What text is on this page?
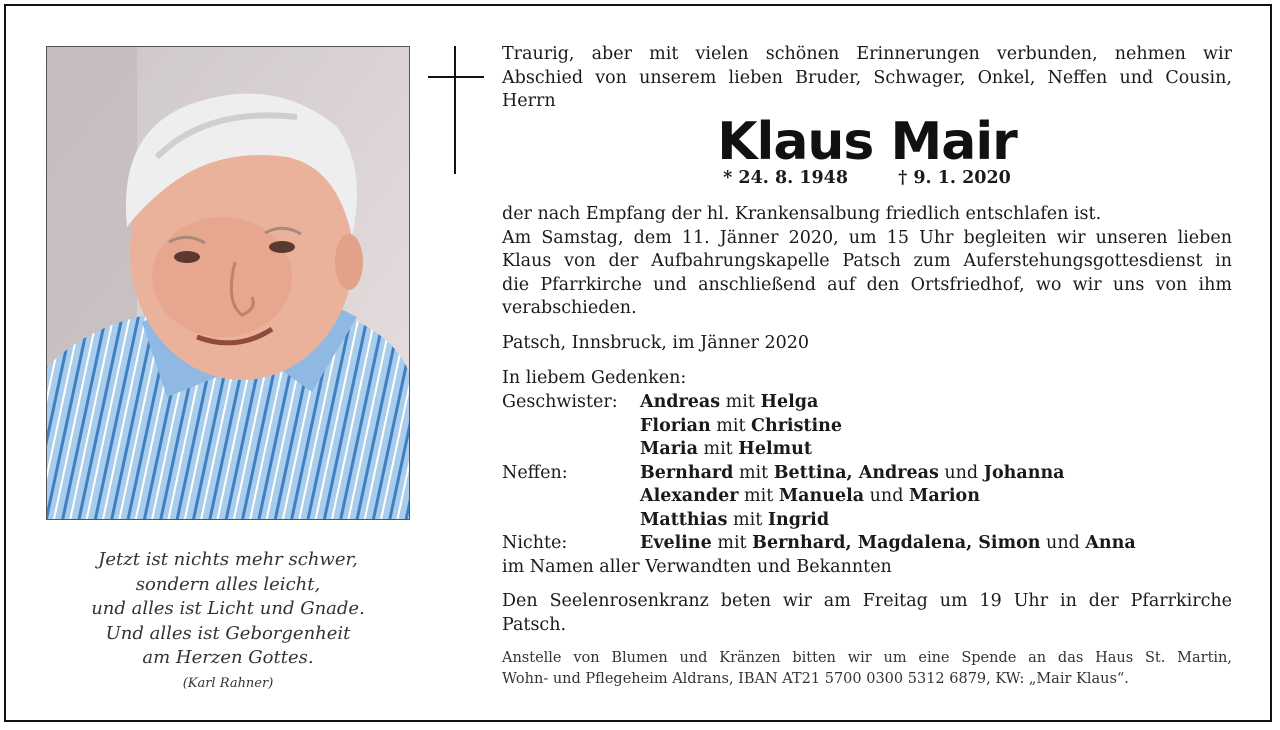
Jetzt ist nichts mehr schwer,
sondern alles leicht,
und alles ist Licht und Gnade.
Und alles ist Geborgenheit
am Herzen Gottes.
(Karl Rahner)
Traurig, aber mit vielen schönen Erinnerungen verbunden, nehmen wir
Abschied von unserem lieben Bruder, Schwager, Onkel, Neffen und Cousin,
Herrn
Klaus Mair
* 24. 8. 1948	† 9. 1. 2020
der nach Empfang der hl. Krankensalbung friedlich entschlafen ist.
Am Samstag, dem 11. Jänner 2020, um 15 Uhr begleiten wir unseren lieben
Klaus von der Aufbahrungskapelle Patsch zum Auferstehungsgottesdienst in
die Pfarrkirche und anschließend auf den Ortsfriedhof, wo wir uns von ihm
verabschieden.
Patsch, Innsbruck, im Jänner 2020
In liebem Gedenken:
Geschwister:	Andreas mit Helga
Florian mit Christine
Maria mit Helmut
Neffen:	Bernhard mit Bettina, Andreas und Johanna
Alexander mit Manuela und Marion
Matthias mit Ingrid
Nichte:	Eveline mit Bernhard, Magdalena, Simon und Anna
im Namen aller Verwandten und Bekannten
Den Seelenrosenkranz beten wir am Freitag um 19 Uhr in der Pfarrkirche
Patsch.
Anstelle von Blumen und Kränzen bitten wir um eine Spende an das Haus St. Martin,
Wohn- und Pflegeheim Aldrans, IBAN AT21 5700 0300 5312 6879, KW: „Mair Klaus“.
